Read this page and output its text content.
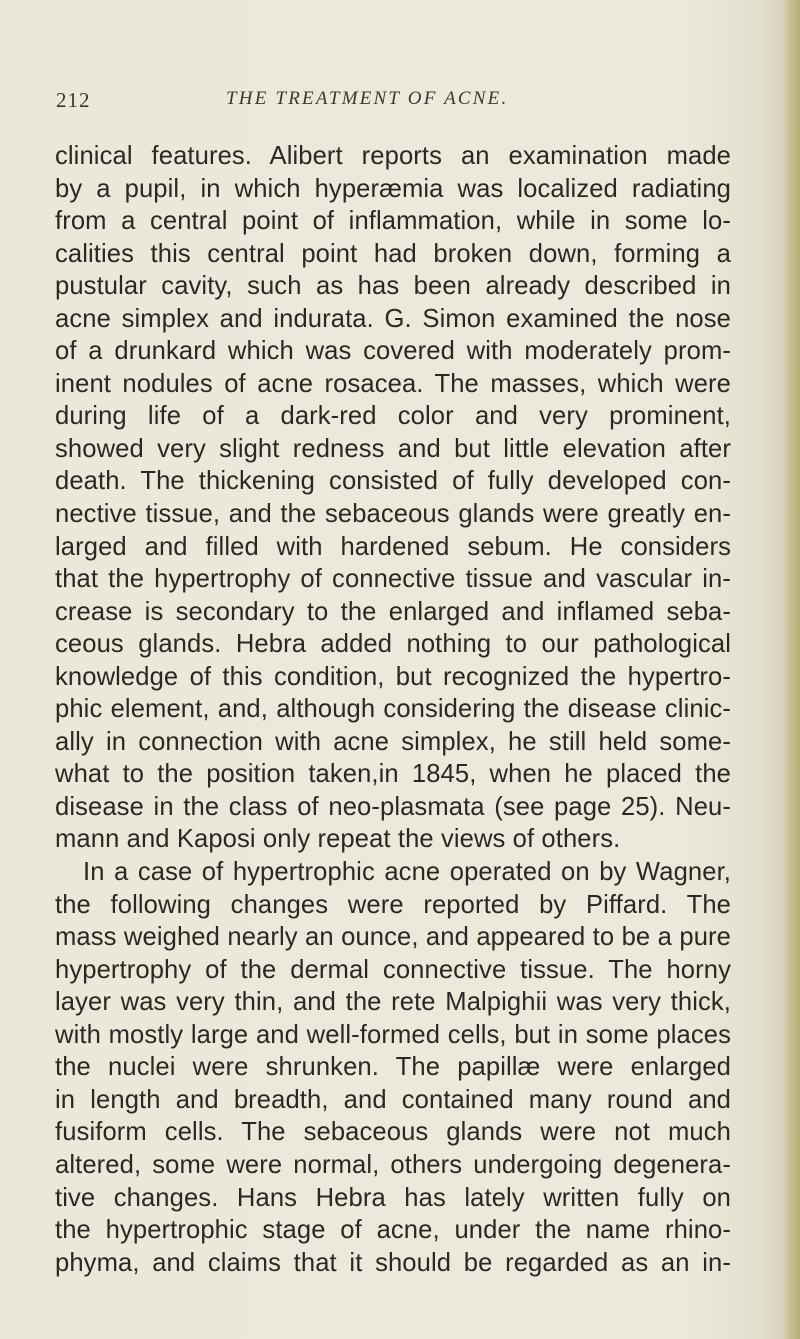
212	THE TREATMENT OF ACNE.
clinical features. Alibert reports an examination made
by a pupil, in which hyperæmia was localized radiating
from a central point of inflammation, while in some lo-
calities this central point had broken down, forming a
pustular cavity, such as has been already described in
acne simplex and indurata. G. Simon examined the nose
of a drunkard which was covered with moderately prom-
inent nodules of acne rosacea. The masses, which were
during life of a dark-red color and very prominent,
showed very slight redness and but little elevation after
death. The thickening consisted of fully developed con-
nective tissue, and the sebaceous glands were greatly en-
larged and filled with hardened sebum. He considers
that the hypertrophy of connective tissue and vascular in-
crease is secondary to the enlarged and inflamed seba-
ceous glands. Hebra added nothing to our pathological
knowledge of this condition, but recognized the hypertro-
phic element, and, although considering the disease clinic-
ally in connection with acne simplex, he still held some-
what to the position taken,in 1845, when he placed the
disease in the class of neo-plasmata (see page 25). Neu-
mann and Kaposi only repeat the views of others.
In a case of hypertrophic acne operated on by Wagner,
the following changes were reported by Piffard. The
mass weighed nearly an ounce, and appeared to be a pure
hypertrophy of the dermal connective tissue. The horny
layer was very thin, and the rete Malpighii was very thick,
with mostly large and well-formed cells, but in some places
the nuclei were shrunken. The papillæ were enlarged
in length and breadth, and contained many round and
fusiform cells. The sebaceous glands were not much
altered, some were normal, others undergoing degenera-
tive changes. Hans Hebra has lately written fully on
the hypertrophic stage of acne, under the name rhino-
phyma, and claims that it should be regarded as an in-
